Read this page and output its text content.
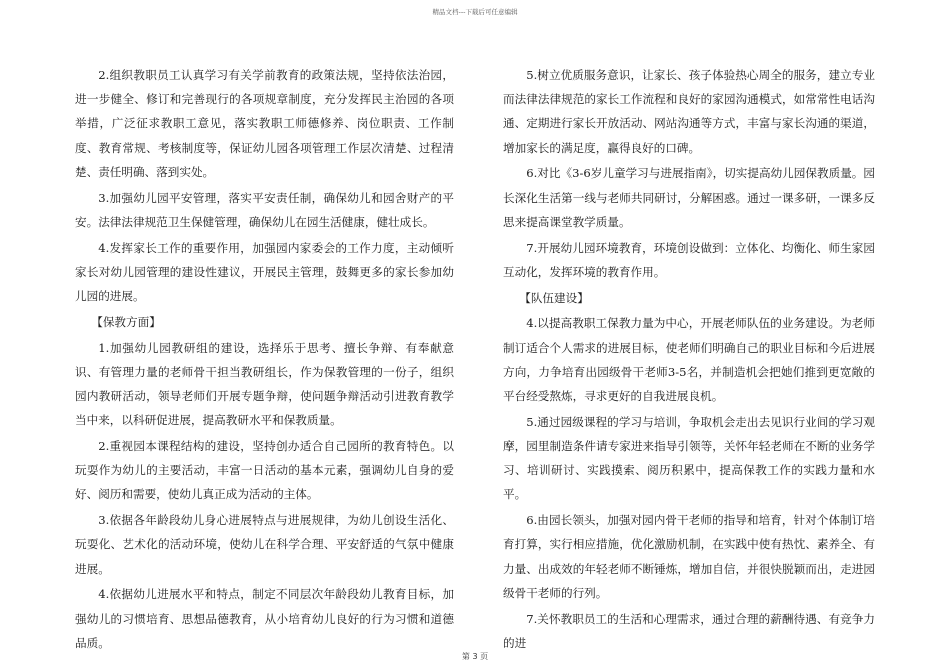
精品文档---下载后可任意编辑

2.组织教职员工认真学习有关学前教育的政策法规，坚持依法治园，进一步健全、修订和完善现行的各项规章制度，充分发挥民主治园的各项举措，广泛征求教职工意见，落实教职工师德修养、岗位职责、工作制度、教育常规、考核制度等，保证幼儿园各项管理工作层次清楚、过程清楚、责任明确、落到实处。

3.加强幼儿园平安管理，落实平安责任制，确保幼儿和园舍财产的平安。法律法律规范卫生保健管理，确保幼儿在园生活健康，健壮成长。

4.发挥家长工作的重要作用，加强园内家委会的工作力度，主动倾听家长对幼儿园管理的建设性建议，开展民主管理，鼓舞更多的家长参加幼儿园的进展。

【保教方面】

1.加强幼儿园教研组的建设，选择乐于思考、擅长争辩、有奉献意识、有管理力量的老师骨干担当教研组长，作为保教管理的一份子，组织园内教研活动，领导老师们开展专题争辩，使问题争辩活动引进教育教学当中来，以科研促进展，提高教研水平和保教质量。

2.重视园本课程结构的建设，坚持创办适合自己园所的教育特色。以玩耍作为幼儿的主要活动，丰富一日活动的基本元素，强调幼儿自身的爱好、阅历和需要，使幼儿真正成为活动的主体。

3.依据各年龄段幼儿身心进展特点与进展规律，为幼儿创设生活化、玩耍化、艺术化的活动环境，使幼儿在科学合理、平安舒适的气氛中健康进展。

4.依据幼儿进展水平和特点，制定不同层次年龄段幼儿教育目标，加强幼儿的习惯培育、思想品德教育，从小培育幼儿良好的行为习惯和道德品质。

5.树立优质服务意识，让家长、孩子体验热心周全的服务，建立专业而法律法律规范的家长工作流程和良好的家园沟通模式，如常常性电话沟通、定期进行家长开放活动、网站沟通等方式，丰富与家长沟通的渠道，增加家长的满足度，赢得良好的口碑。

6.对比《3-6岁儿童学习与进展指南》，切实提高幼儿园保教质量。园长深化生活第一线与老师共同研讨，分解困惑。通过一课多研，一课多反思来提高课堂教学质量。

7.开展幼儿园环境教育，环境创设做到：立体化、均衡化、师生家园互动化，发挥环境的教育作用。

【队伍建设】

4.以提高教职工保教力量为中心，开展老师队伍的业务建设。为老师制订适合个人需求的进展目标，使老师们明确自己的职业目标和今后进展方向，力争培育出园级骨干老师3-5名，并制造机会把她们推到更宽敞的平台经受熬炼，寻求更好的自我进展良机。

5.通过园级课程的学习与培训，争取机会走出去见识行业间的学习观摩，园里制造条件请专家进来指导引领等，关怀年轻老师在不断的业务学习、培训研讨、实践摸索、阅历积累中，提高保教工作的实践力量和水平。

6.由园长领头，加强对园内骨干老师的指导和培育，针对个体制订培育打算，实行相应措施，优化激励机制，在实践中使有热忱、素养全、有力量、出成效的年轻老师不断锤炼，增加自信，并很快脱颖而出，走进园级骨干老师的行列。

7.关怀教职员工的生活和心理需求，通过合理的薪酬待遇、有竞争力的进

第 3 页
